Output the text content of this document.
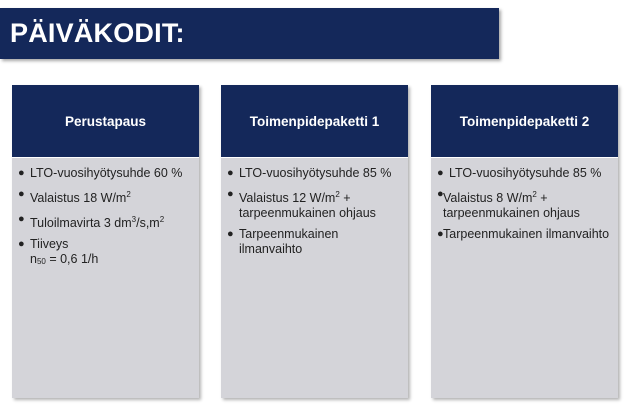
PÄIVÄKODIT:
Perustapaus
● LTO-vuosihyötysuhde 60 %
● Valaistus 18 $W/m^2$
● Tuloilmavirta 3 $dm^3/s,m^2$
● Tiiveys
n50 = 0,6 1/h
Toimenpidepaketti 1
● LTO-vuosihyötysuhde 85 %
● Valaistus 12 $W/m^2$ + tarpeenmukainen ohjaus
● Tarpeenmukainen ilmanvaihto
Toimenpidepaketti 2
● LTO-vuosihyötysuhde 85 %
● Valaistus 8 $W/m^2$ + tarpeenmukainen ohjaus
● Tarpeenmukainen ilmanvaihto
